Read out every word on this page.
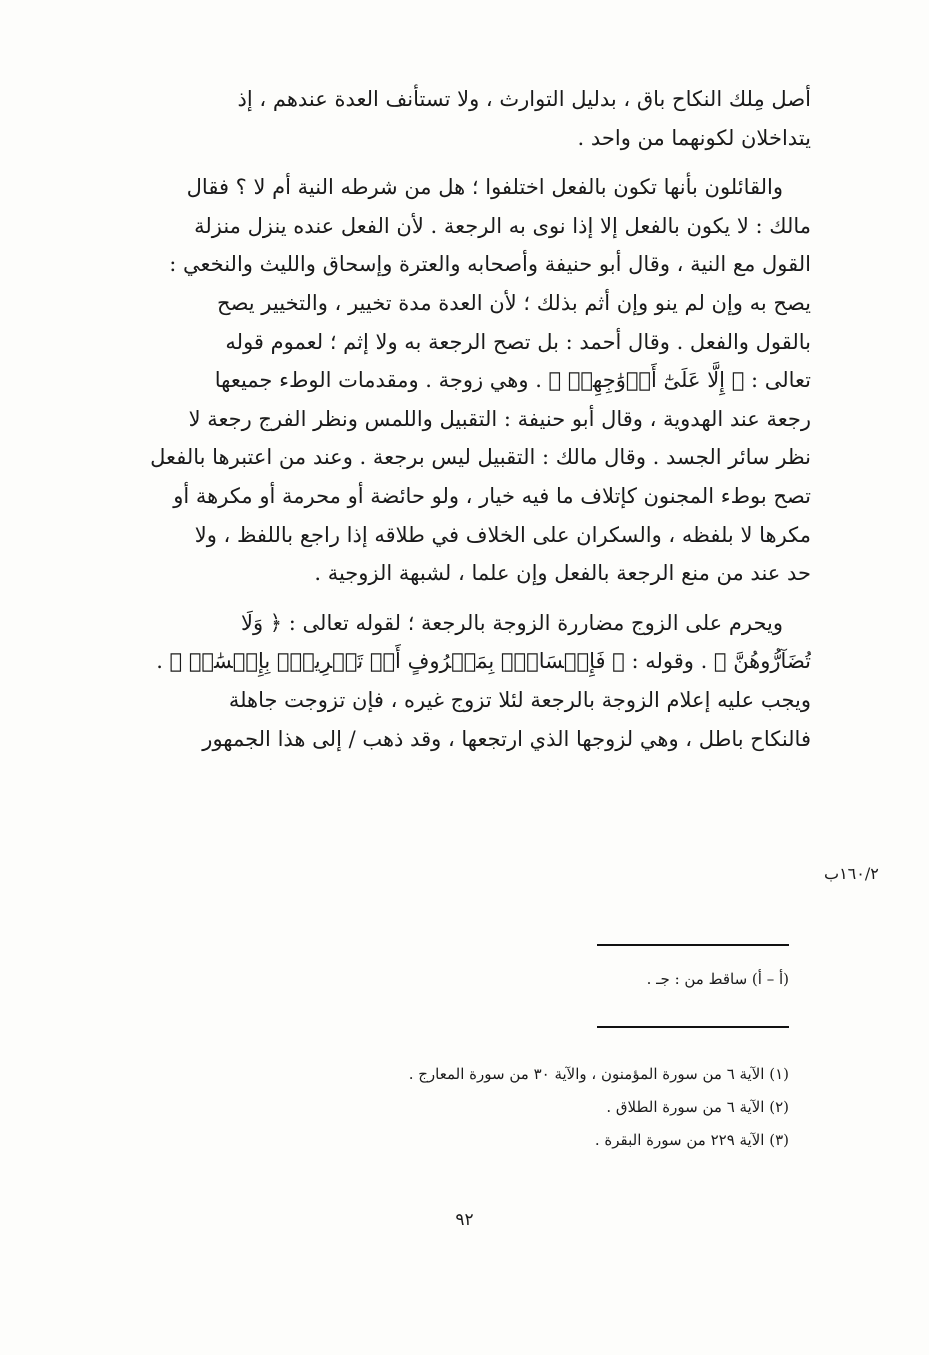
أصل مِلك النكاح باق ، بدليل التوارث ، ولا تستأنف العدة عندهم ، إذ
يتداخلان لكونهما من واحد .
والقائلون بأنها تكون بالفعل اختلفوا ؛ هل من شرطه النية أم لا ؟ فقال
مالك : لا يكون بالفعل إلا إذا نوى به الرجعة . لأن الفعل عنده ينزل منزلة
القول مع النية ، وقال أبو حنيفة وأصحابه والعترة وإسحاق والليث والنخعي :
يصح به وإن لم ينو وإن أثم بذلك ؛ لأن العدة مدة تخيير ، والتخيير يصح
بالقول والفعل . وقال أحمد : بل تصح الرجعة به ولا إثم ؛ لعموم قوله
تعالى : ﴿ إِلَّا عَلَىٰٓ أَزۡوَٰجِهِمۡ ﴾ . وهي زوجة . ومقدمات الوطء جميعها
رجعة عند الهدوية ، وقال أبو حنيفة : التقبيل واللمس ونظر الفرج رجعة لا
نظر سائر الجسد . وقال مالك : التقبيل ليس برجعة . وعند من اعتبرها بالفعل
تصح بوطء المجنون كإتلاف ما فيه خيار ، ولو حائضة أو محرمة أو مكرهة أو
مكرها لا بلفظه ، والسكران على الخلاف في طلاقه إذا راجع باللفظ ، ولا
حد عند من منع الرجعة بالفعل وإن علما ، لشبهة الزوجية .
ويحرم على الزوج مضاررة الزوجة بالرجعة ؛ لقوله تعالى : ﴿ وَلَا
تُضَآرُّوهُنَّ ﴾ . وقوله : ﴿ فَإِمۡسَاكُۢ بِمَعۡرُوفٍ أَوۡ تَسۡرِيحُۢ بِإِحۡسَٰنٖ ﴾ .
ويجب عليه إعلام الزوجة بالرجعة لئلا تزوج غيره ، فإن تزوجت جاهلة
فالنكاح باطل ، وهي لزوجها الذي ارتجعها ، وقد ذهب / إلى هذا الجمهور
١٦٠/٢ب
(أ – أ) ساقط من : جـ .
(١) الآية ٦ من سورة المؤمنون ، والآية ٣٠ من سورة المعارج .
(٢) الآية ٦ من سورة الطلاق .
(٣) الآية ٢٢٩ من سورة البقرة .
٩٢
